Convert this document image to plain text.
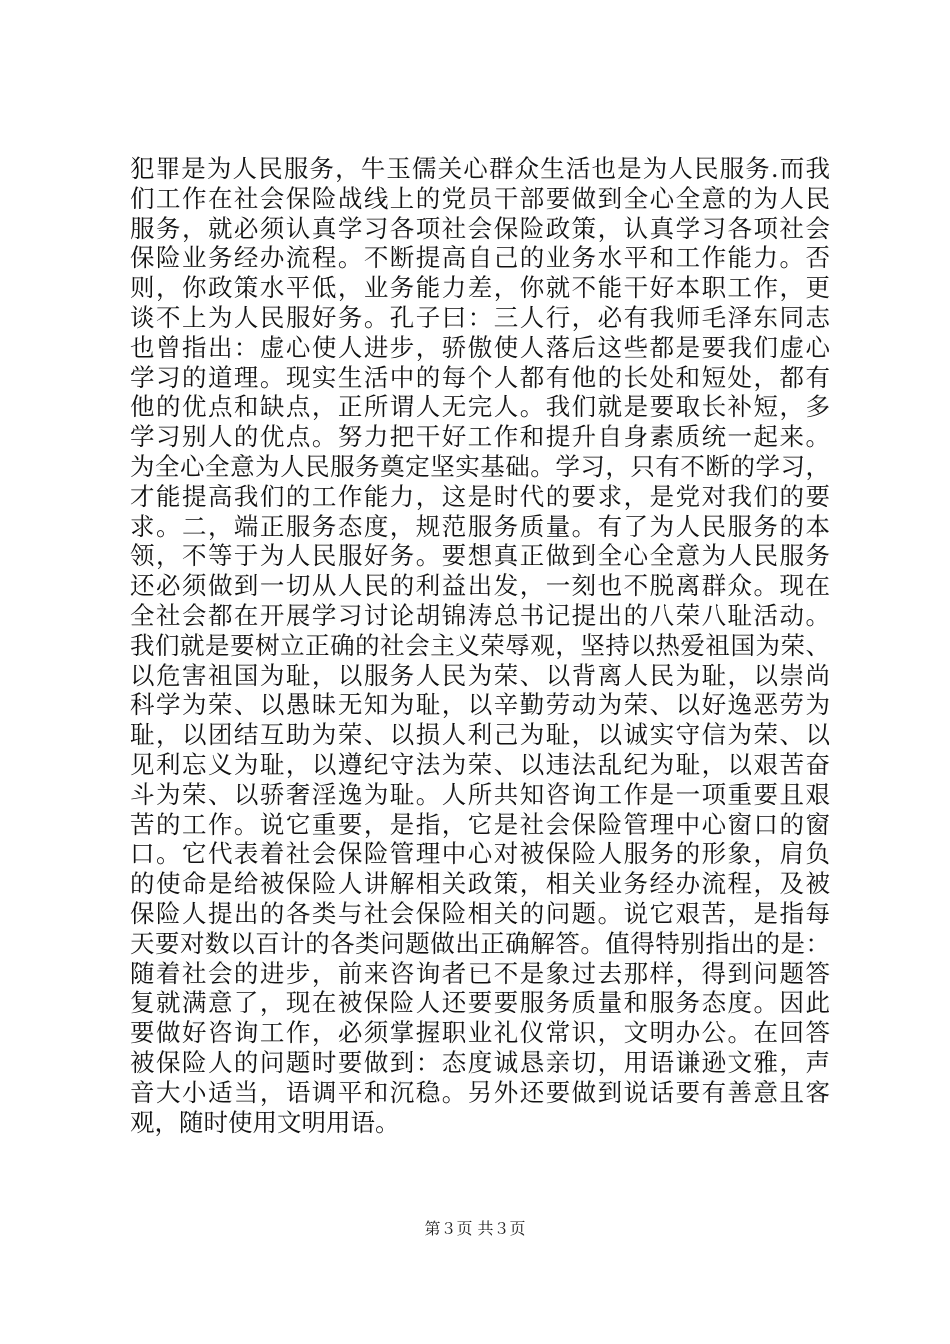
犯罪是为人民服务，牛玉儒关心群众生活也是为人民服务.而我
们工作在社会保险战线上的党员干部要做到全心全意的为人民
服务，就必须认真学习各项社会保险政策，认真学习各项社会
保险业务经办流程。不断提高自己的业务水平和工作能力。否
则，你政策水平低，业务能力差，你就不能干好本职工作，更
谈不上为人民服好务。孔子曰：三人行，必有我师毛泽东同志
也曾指出：虚心使人进步，骄傲使人落后这些都是要我们虚心
学习的道理。现实生活中的每个人都有他的长处和短处，都有
他的优点和缺点，正所谓人无完人。我们就是要取长补短，多
学习别人的优点。努力把干好工作和提升自身素质统一起来。
为全心全意为人民服务奠定坚实基础。学习，只有不断的学习，
才能提高我们的工作能力，这是时代的要求，是党对我们的要
求。二，端正服务态度，规范服务质量。有了为人民服务的本
领，不等于为人民服好务。要想真正做到全心全意为人民服务
还必须做到一切从人民的利益出发，一刻也不脱离群众。现在
全社会都在开展学习讨论胡锦涛总书记提出的八荣八耻活动。
我们就是要树立正确的社会主义荣辱观，坚持以热爱祖国为荣、
以危害祖国为耻，以服务人民为荣、以背离人民为耻，以崇尚
科学为荣、以愚昧无知为耻，以辛勤劳动为荣、以好逸恶劳为
耻，以团结互助为荣、以损人利己为耻，以诚实守信为荣、以
见利忘义为耻，以遵纪守法为荣、以违法乱纪为耻，以艰苦奋
斗为荣、以骄奢淫逸为耻。人所共知咨询工作是一项重要且艰
苦的工作。说它重要，是指，它是社会保险管理中心窗口的窗
口。它代表着社会保险管理中心对被保险人服务的形象，肩负
的使命是给被保险人讲解相关政策，相关业务经办流程，及被
保险人提出的各类与社会保险相关的问题。说它艰苦，是指每
天要对数以百计的各类问题做出正确解答。值得特别指出的是：
随着社会的进步，前来咨询者已不是象过去那样，得到问题答
复就满意了，现在被保险人还要要服务质量和服务态度。因此
要做好咨询工作，必须掌握职业礼仪常识，文明办公。在回答
被保险人的问题时要做到：态度诚恳亲切，用语谦逊文雅，声
音大小适当，语调平和沉稳。另外还要做到说话要有善意且客
观，随时使用文明用语。
第３页 共３页
